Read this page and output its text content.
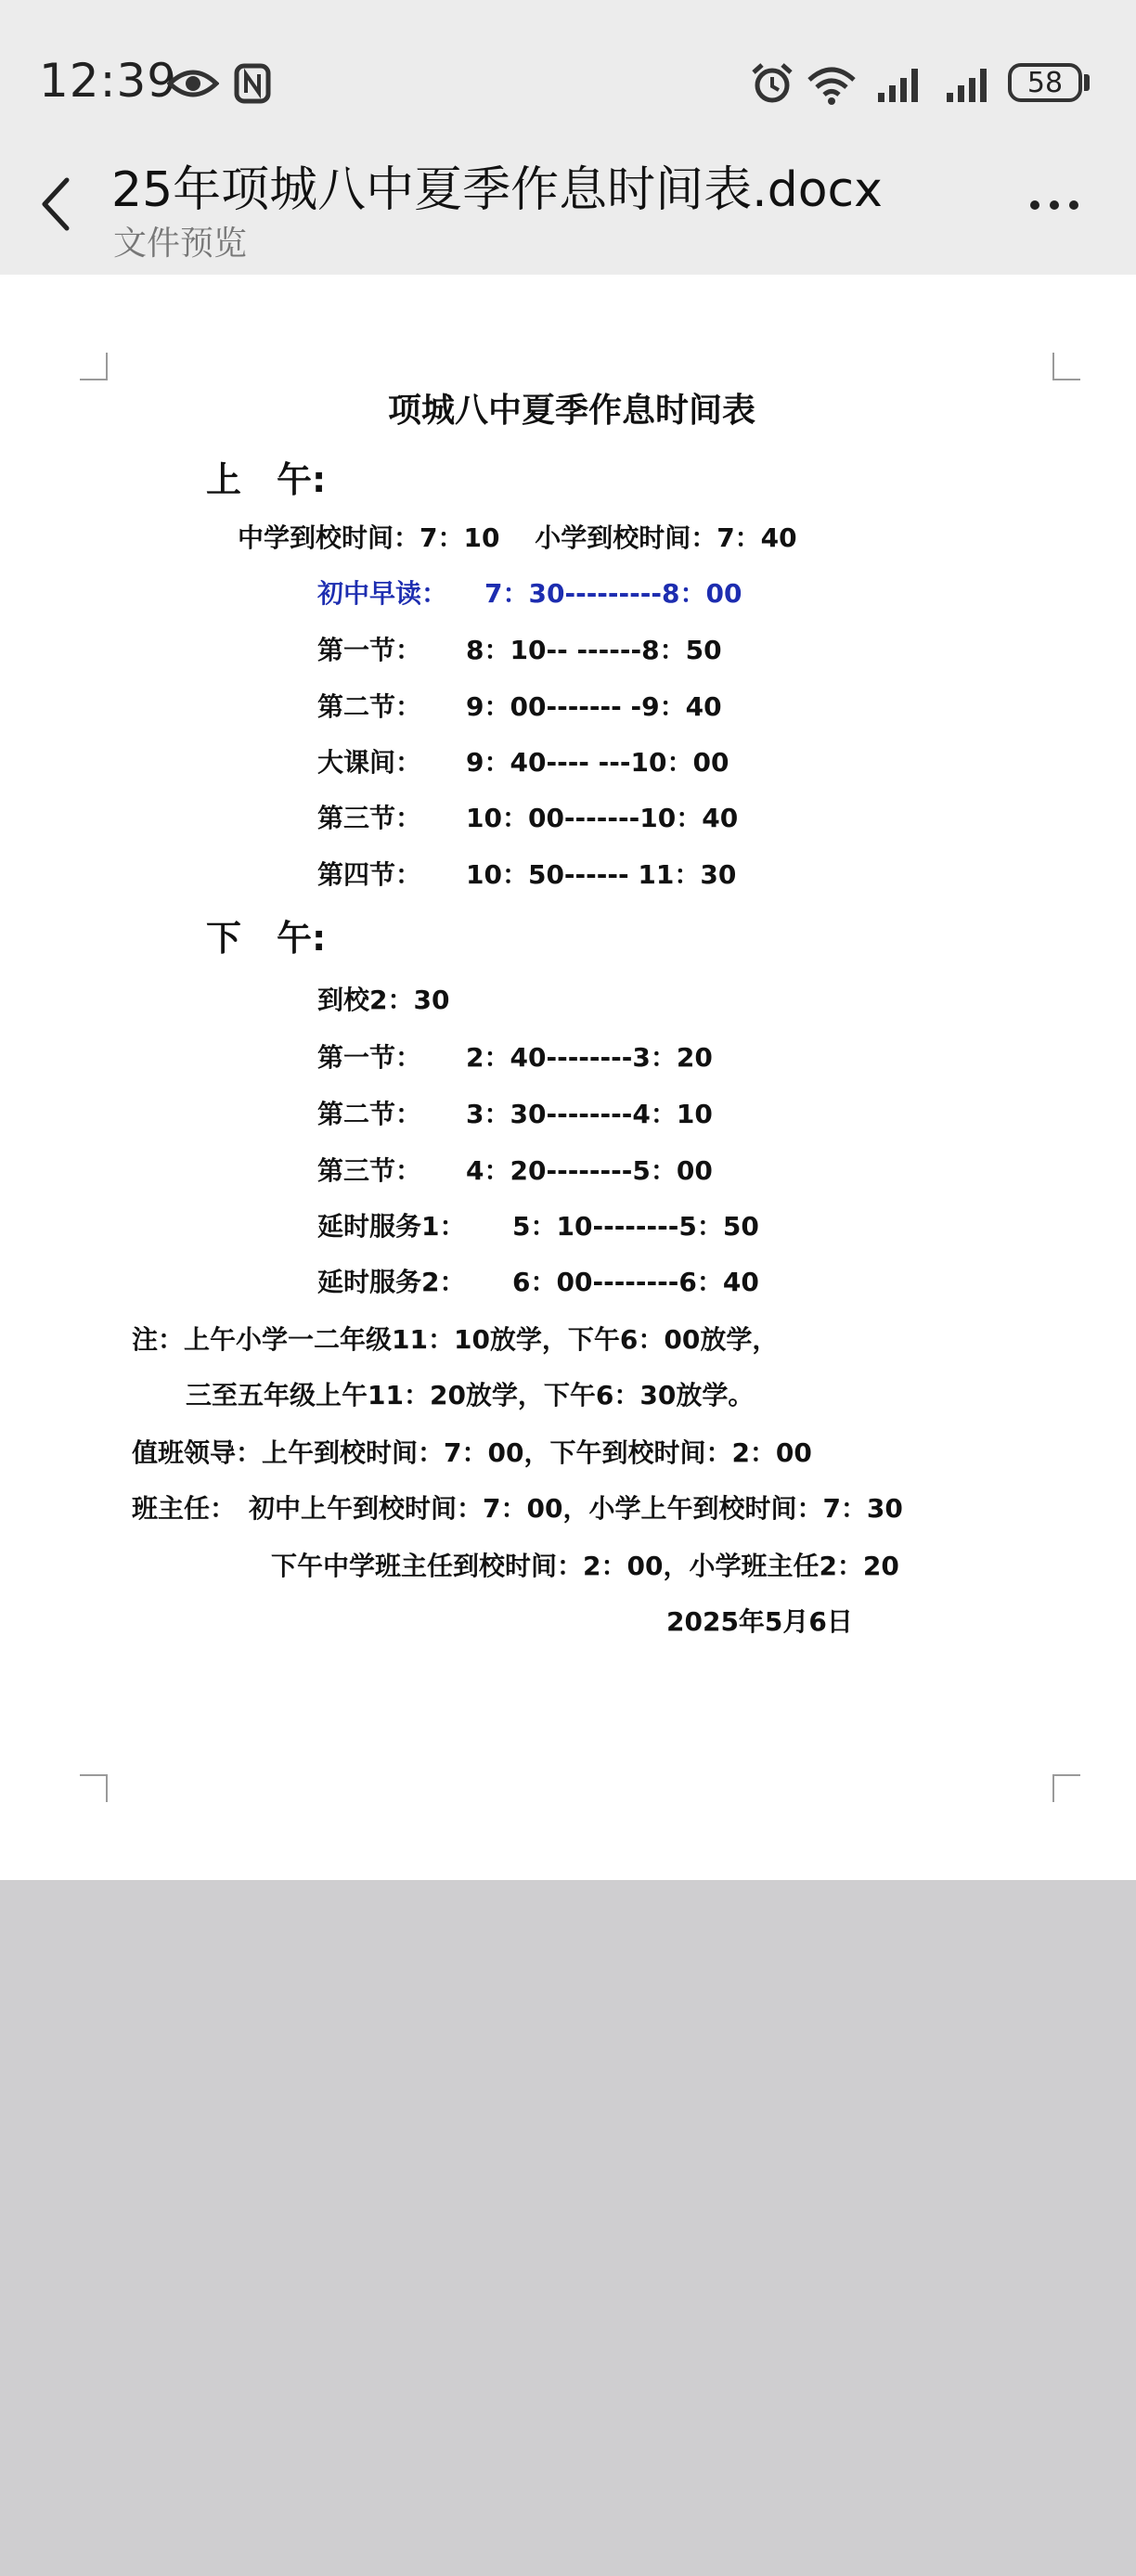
12:39	58
25年项城八中夏季作息时间表.docx
文件预览
项城八中夏季作息时间表
上　午:
中学到校时间：7：10　 小学到校时间：7：40
初中早读： 7：30---------8：00
第一节： 8：10-- ------8：50
第二节： 9：00------- -9：40
大课间： 9：40---- ---10：00
第三节： 10：00-------10：40
第四节： 10：50------ 11：30
下　午:
到校2：30
第一节： 2：40--------3：20
第二节： 3：30--------4：10
第三节： 4：20--------5：00
延时服务1： 5：10--------5：50
延时服务2： 6：00--------6：40
注：上午小学一二年级11：10放学，下午6：00放学，
三至五年级上午11：20放学，下午6：30放学。
值班领导：上午到校时间：7：00，下午到校时间：2：00
班主任：　初中上午到校时间：7：00，小学上午到校时间：7：30
下午中学班主任到校时间：2：00，小学班主任2：20
2025年5月6日
